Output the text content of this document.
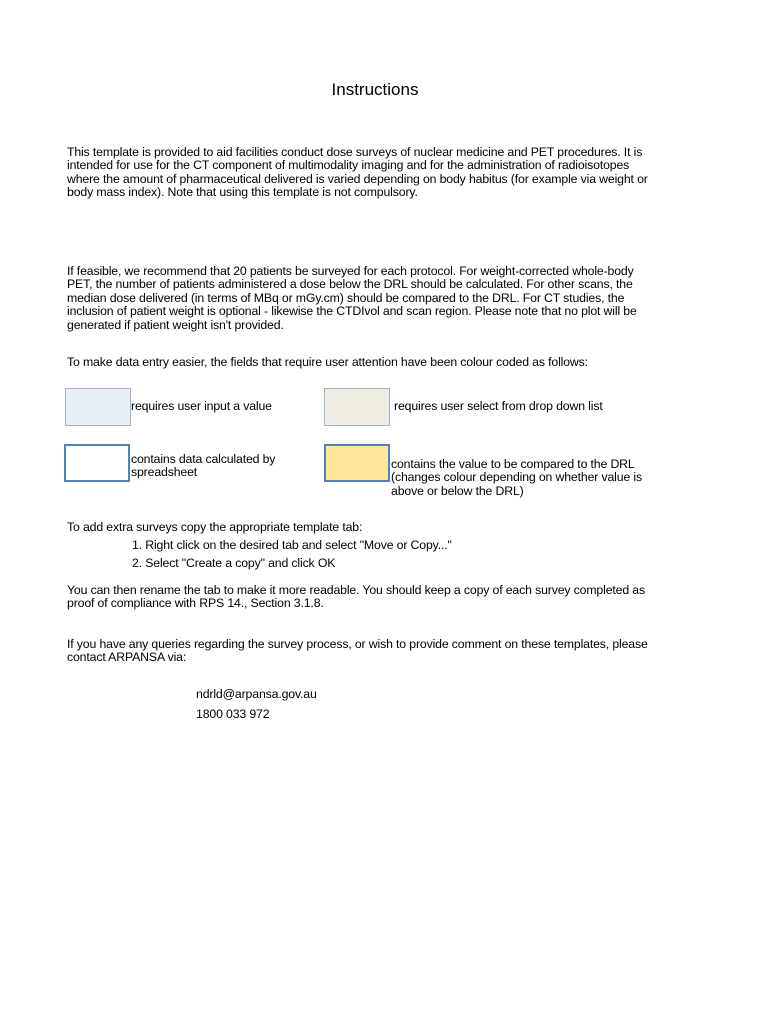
Instructions

This template is provided to aid facilities conduct dose surveys of nuclear medicine and PET procedures. It is intended for use for the CT component of multimodality imaging and for the administration of radioisotopes where the amount of pharmaceutical delivered is varied depending on body habitus (for example via weight or body mass index). Note that using this template is not compulsory.

If feasible, we recommend that 20 patients be surveyed for each protocol. For weight-corrected whole-body PET, the number of patients administered a dose below the DRL should be calculated. For other scans, the median dose delivered (in terms of MBq or mGy.cm) should be compared to the DRL. For CT studies, the inclusion of patient weight is optional - likewise the CTDIvol and scan region. Please note that no plot will be generated if patient weight isn't provided.

To make data entry easier, the fields that require user attention have been colour coded as follows:

requires user input a value	requires user select from drop down list
contains data calculated by spreadsheet
contains the value to be compared to the DRL (changes colour depending on whether value is above or below the DRL)

To add extra surveys copy the appropriate template tab:

1. Right click on the desired tab and select "Move or Copy..."
2. Select "Create a copy" and click OK

You can then rename the tab to make it more readable. You should keep a copy of each survey completed as proof of compliance with RPS 14., Section 3.1.8.

If you have any queries regarding the survey process, or wish to provide comment on these templates, please contact ARPANSA via:

ndrld@arpansa.gov.au
1800 033 972
